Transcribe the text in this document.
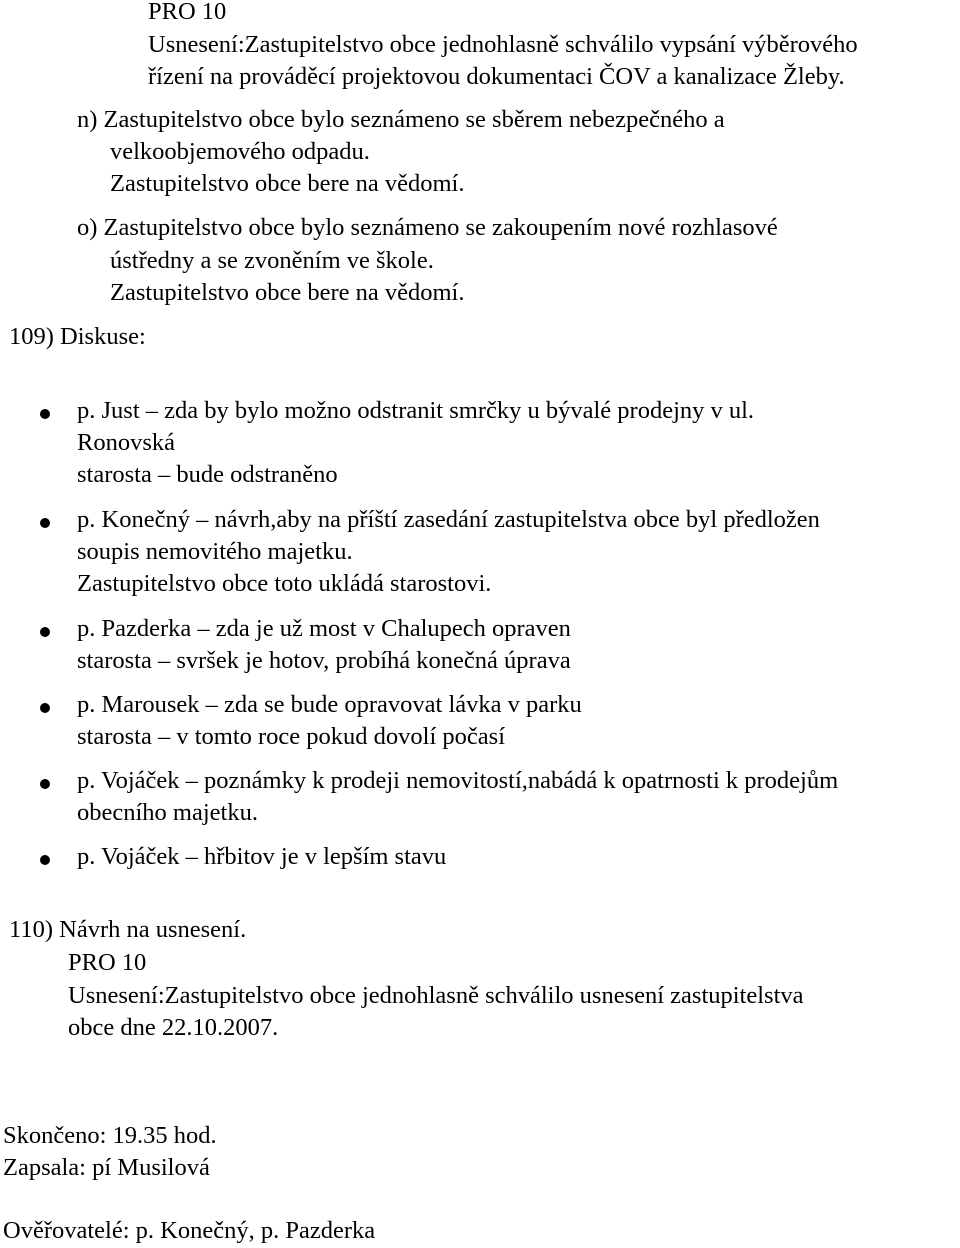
PRO 10
Usnesení:Zastupitelstvo obce jednohlasně schválilo vypsání výběrového
řízení na prováděcí projektovou dokumentaci ČOV a kanalizace Žleby.
n) Zastupitelstvo obce bylo seznámeno se sběrem nebezpečného a
velkoobjemového odpadu.
Zastupitelstvo obce bere na vědomí.
o) Zastupitelstvo obce bylo seznámeno se zakoupením nové rozhlasové
ústředny a se zvoněním ve škole.
Zastupitelstvo obce bere na vědomí.
109) Diskuse:
p. Just – zda by bylo možno odstranit smrčky u bývalé prodejny v ul.
Ronovská
starosta – bude odstraněno
p. Konečný – návrh,aby na příští zasedání zastupitelstva obce byl předložen
soupis nemovitého majetku.
Zastupitelstvo obce toto ukládá starostovi.
p. Pazderka – zda je už most v Chalupech opraven
starosta – svršek je hotov, probíhá konečná úprava
p. Marousek – zda se bude opravovat lávka v parku
starosta – v tomto roce pokud dovolí počasí
p. Vojáček – poznámky k prodeji nemovitostí,nabádá k opatrnosti k prodejům
obecního majetku.
p. Vojáček – hřbitov je v lepším stavu
110) Návrh na usnesení.
PRO 10
Usnesení:Zastupitelstvo obce jednohlasně schválilo usnesení zastupitelstva
obce dne 22.10.2007.
Skončeno: 19.35 hod.
Zapsala: pí Musilová
Ověřovatelé: p. Konečný, p. Pazderka
